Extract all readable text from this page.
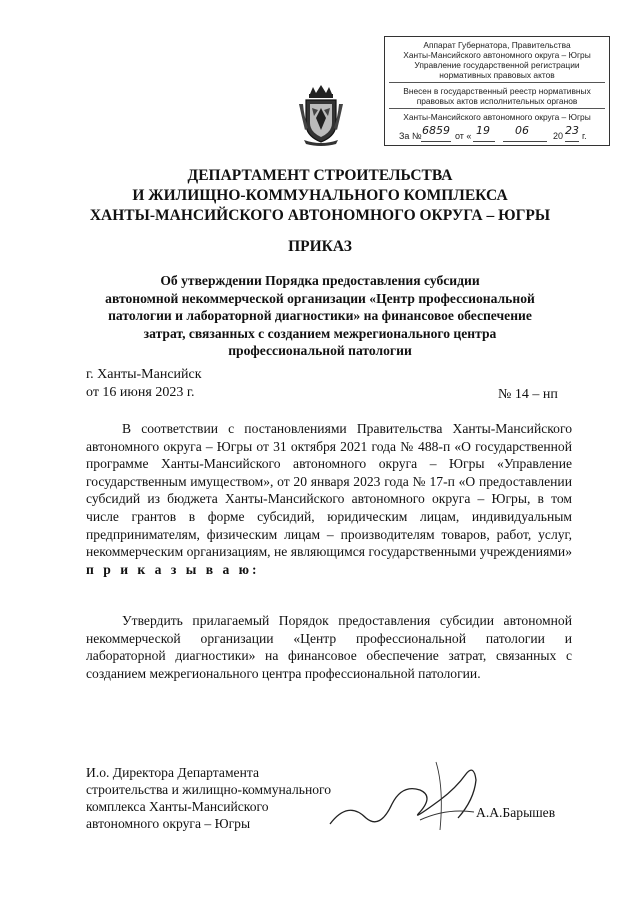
Аппарат Губернатора, Правительства
Ханты-Мансийского автономного округа – Югры
Управление государственной регистрации
нормативных правовых актов
Внесен в государственный реестр нормативных
правовых актов исполнительных органов
Ханты-Мансийского автономного округа – Югры
За № 6859 от « 19 06	20 23 г.
ДЕПАРТАМЕНТ СТРОИТЕЛЬСТВА
И ЖИЛИЩНО-КОММУНАЛЬНОГО КОМПЛЕКСА
ХАНТЫ-МАНСИЙСКОГО АВТОНОМНОГО ОКРУГА – ЮГРЫ
ПРИКАЗ
Об утверждении Порядка предоставления субсидии
автономной некоммерческой организации «Центр профессиональной
патологии и лабораторной диагностики» на финансовое обеспечение
затрат, связанных с созданием межрегионального центра
профессиональной патологии
г. Ханты-Мансийск
от 16 июня 2023 г.	№ 14 – нп
В соответствии с постановлениями Правительства Ханты-Мансийского автономного округа – Югры от 31 октября 2021 года № 488-п «О государственной программе Ханты-Мансийского автономного округа – Югры «Управление государственным имуществом», от 20 января 2023 года № 17-п «О предоставлении субсидий из бюджета Ханты-Мансийского автономного округа – Югры, в том числе грантов в форме субсидий, юридическим лицам, индивидуальным предпринимателям, физическим лицам – производителям товаров, работ, услуг, некоммерческим организациям, не являющимся государственными учреждениями» п р и к а з ы в а ю:
Утвердить прилагаемый Порядок предоставления субсидии автономной некоммерческой организации «Центр профессиональной патологии и лабораторной диагностики» на финансовое обеспечение затрат, связанных с созданием межрегионального центра профессиональной патологии.
И.о. Директора Департамента
строительства и жилищно-коммунального
комплекса Ханты-Мансийского
автономного округа – Югры
А.А.Барышев
